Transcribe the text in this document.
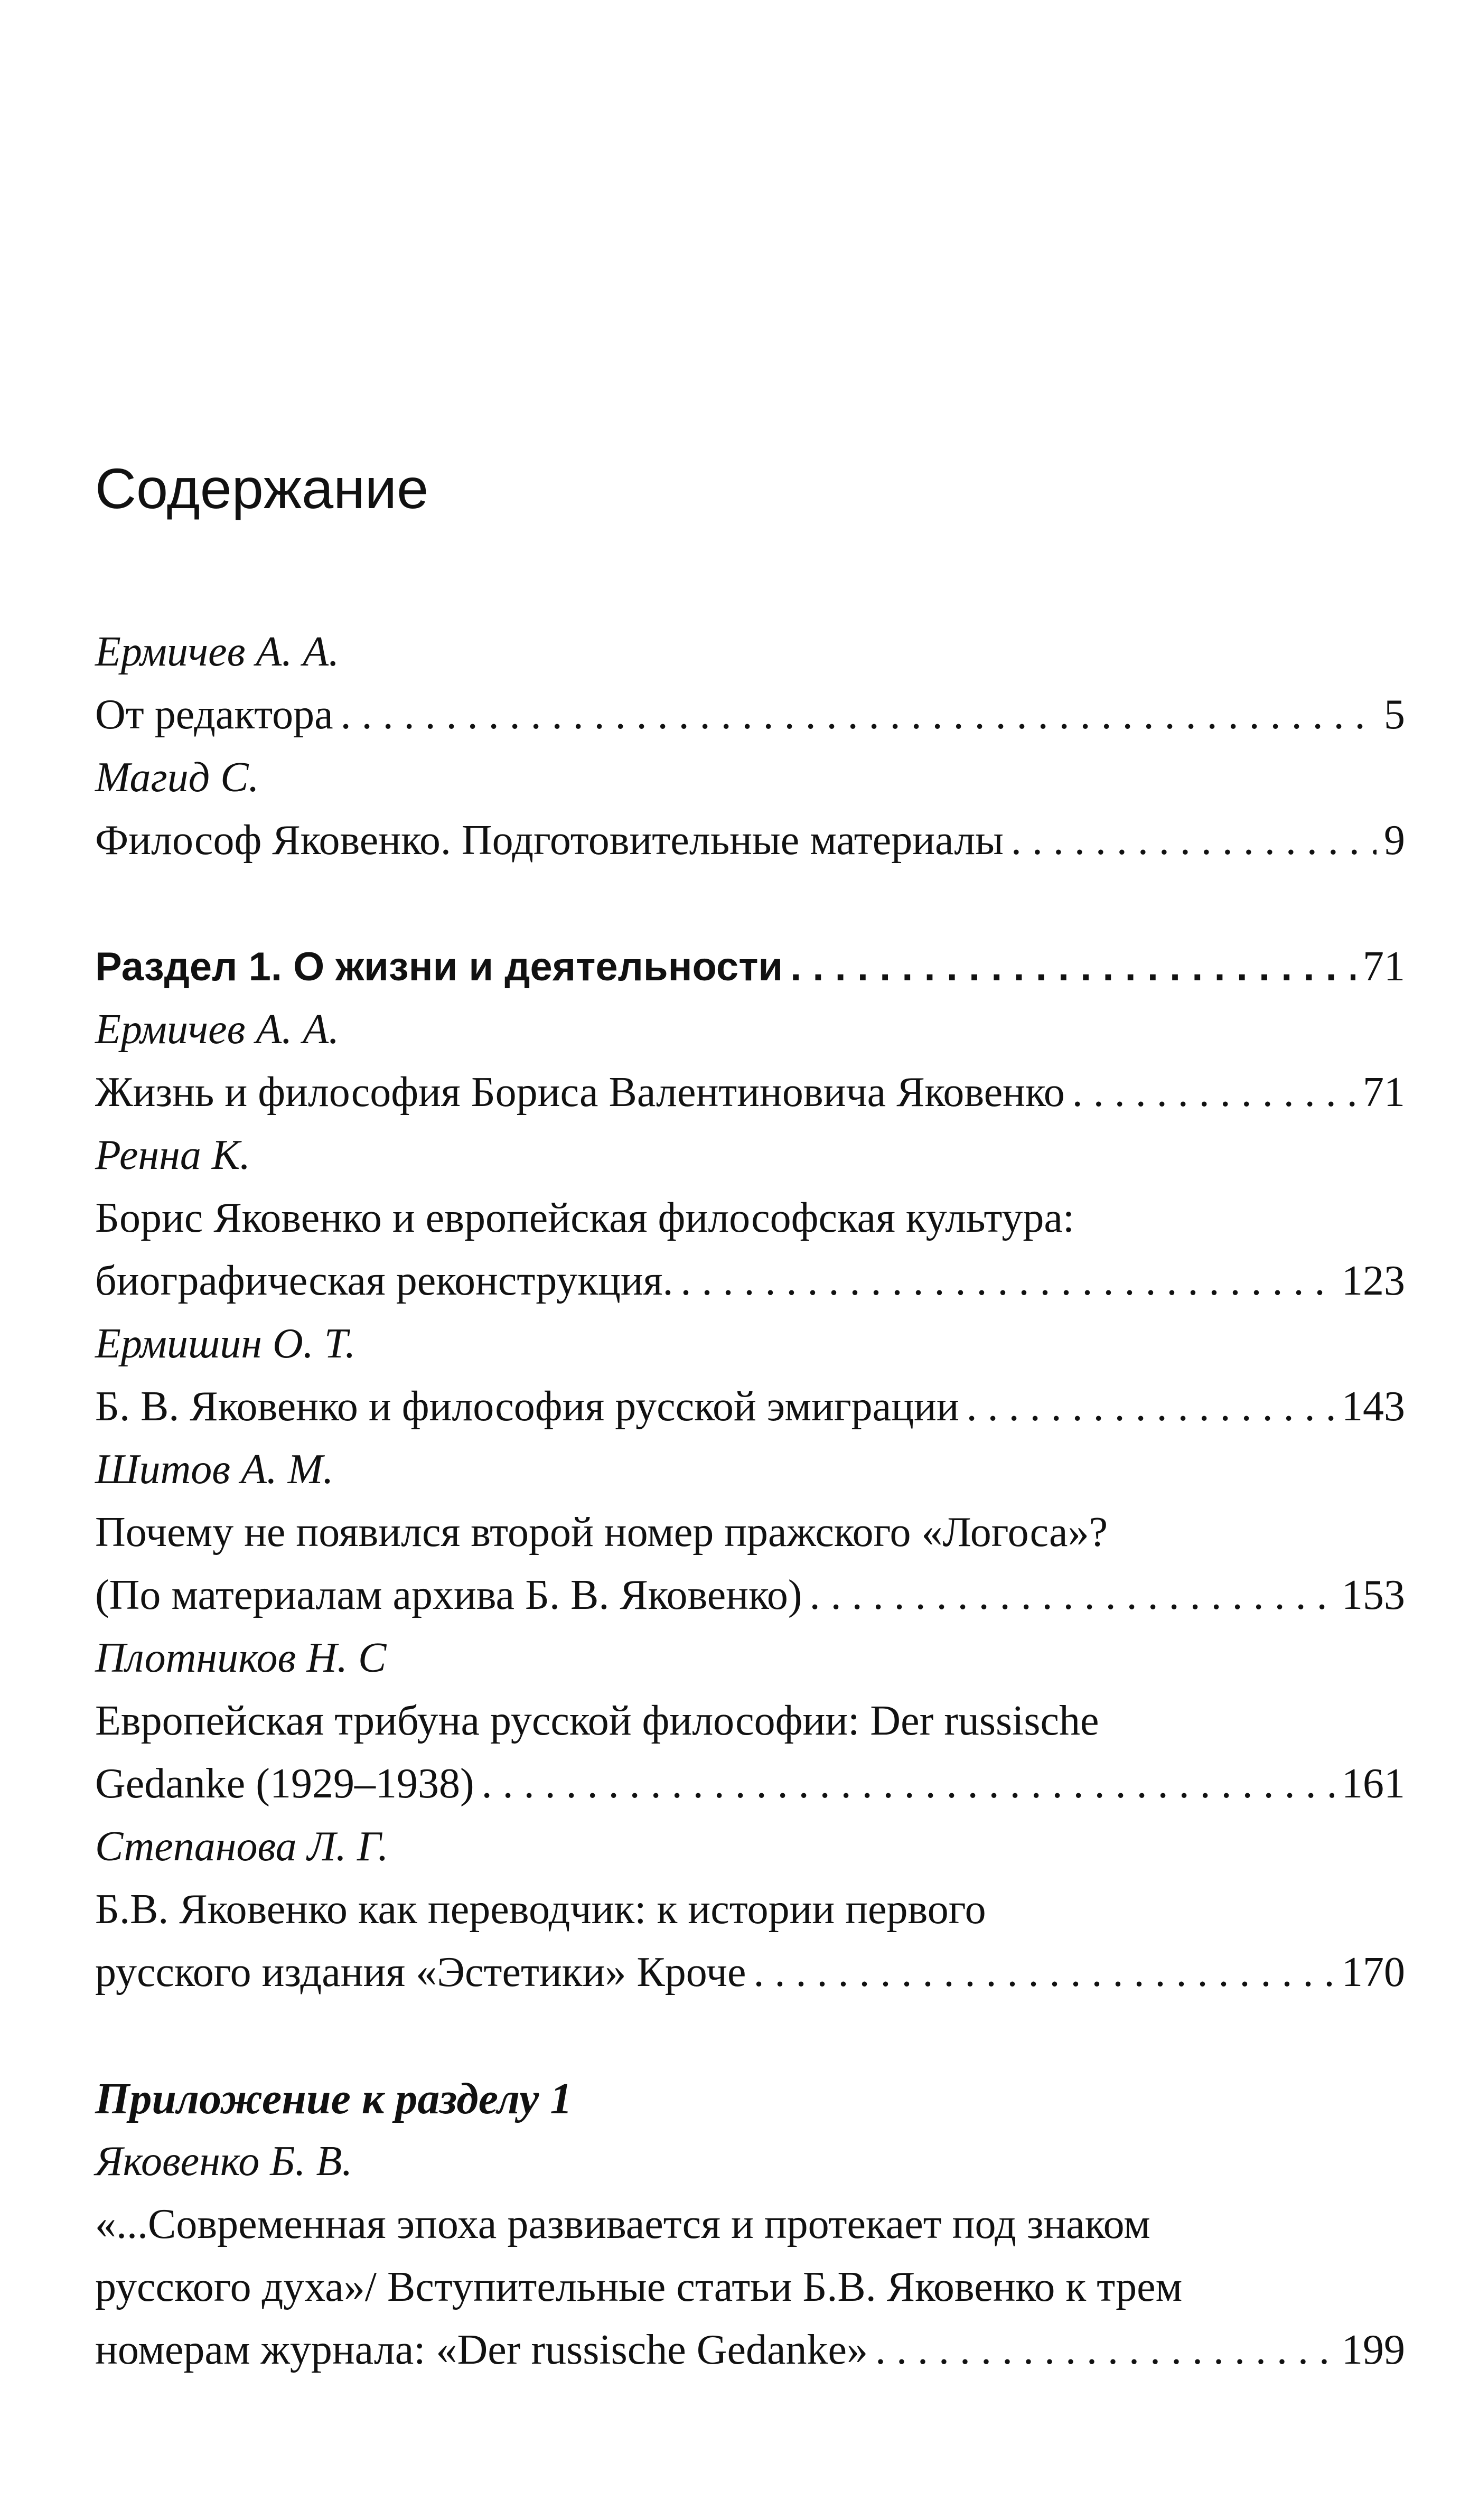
Содержание
Ермичев А. А.
От редактора . . .	5
Магид С.
Философ Яковенко. Подготовительные материалы . . .	9
Раздел 1. О жизни и деятельности . . .	71
Ермичев А. А.
Жизнь и философия Бориса Валентиновича Яковенко . . .	71
Ренна К.
Борис Яковенко и европейская философская культура:
биографическая реконструкция. . . .	123
Ермишин О. Т.
Б. В. Яковенко и философия русской эмиграции . . .	143
Шитов А. М.
Почему не появился второй номер пражского «Логоса»?
(По материалам архива Б. В. Яковенко) . . .	153
Плотников Н. С
Европейская трибуна русской философии: Der russische
Gedanke (1929–1938) . . .	161
Степанова Л. Г.
Б.В. Яковенко как переводчик: к истории первого
русского издания «Эстетики» Кроче . . .	170
Приложение к разделу 1
Яковенко Б. В.
«...Современная эпоха развивается и протекает под знаком
русского духа»/ Вступительные статьи Б.В. Яковенко к трем
номерам журнала: «Der russische Gedanke» . . .	199
